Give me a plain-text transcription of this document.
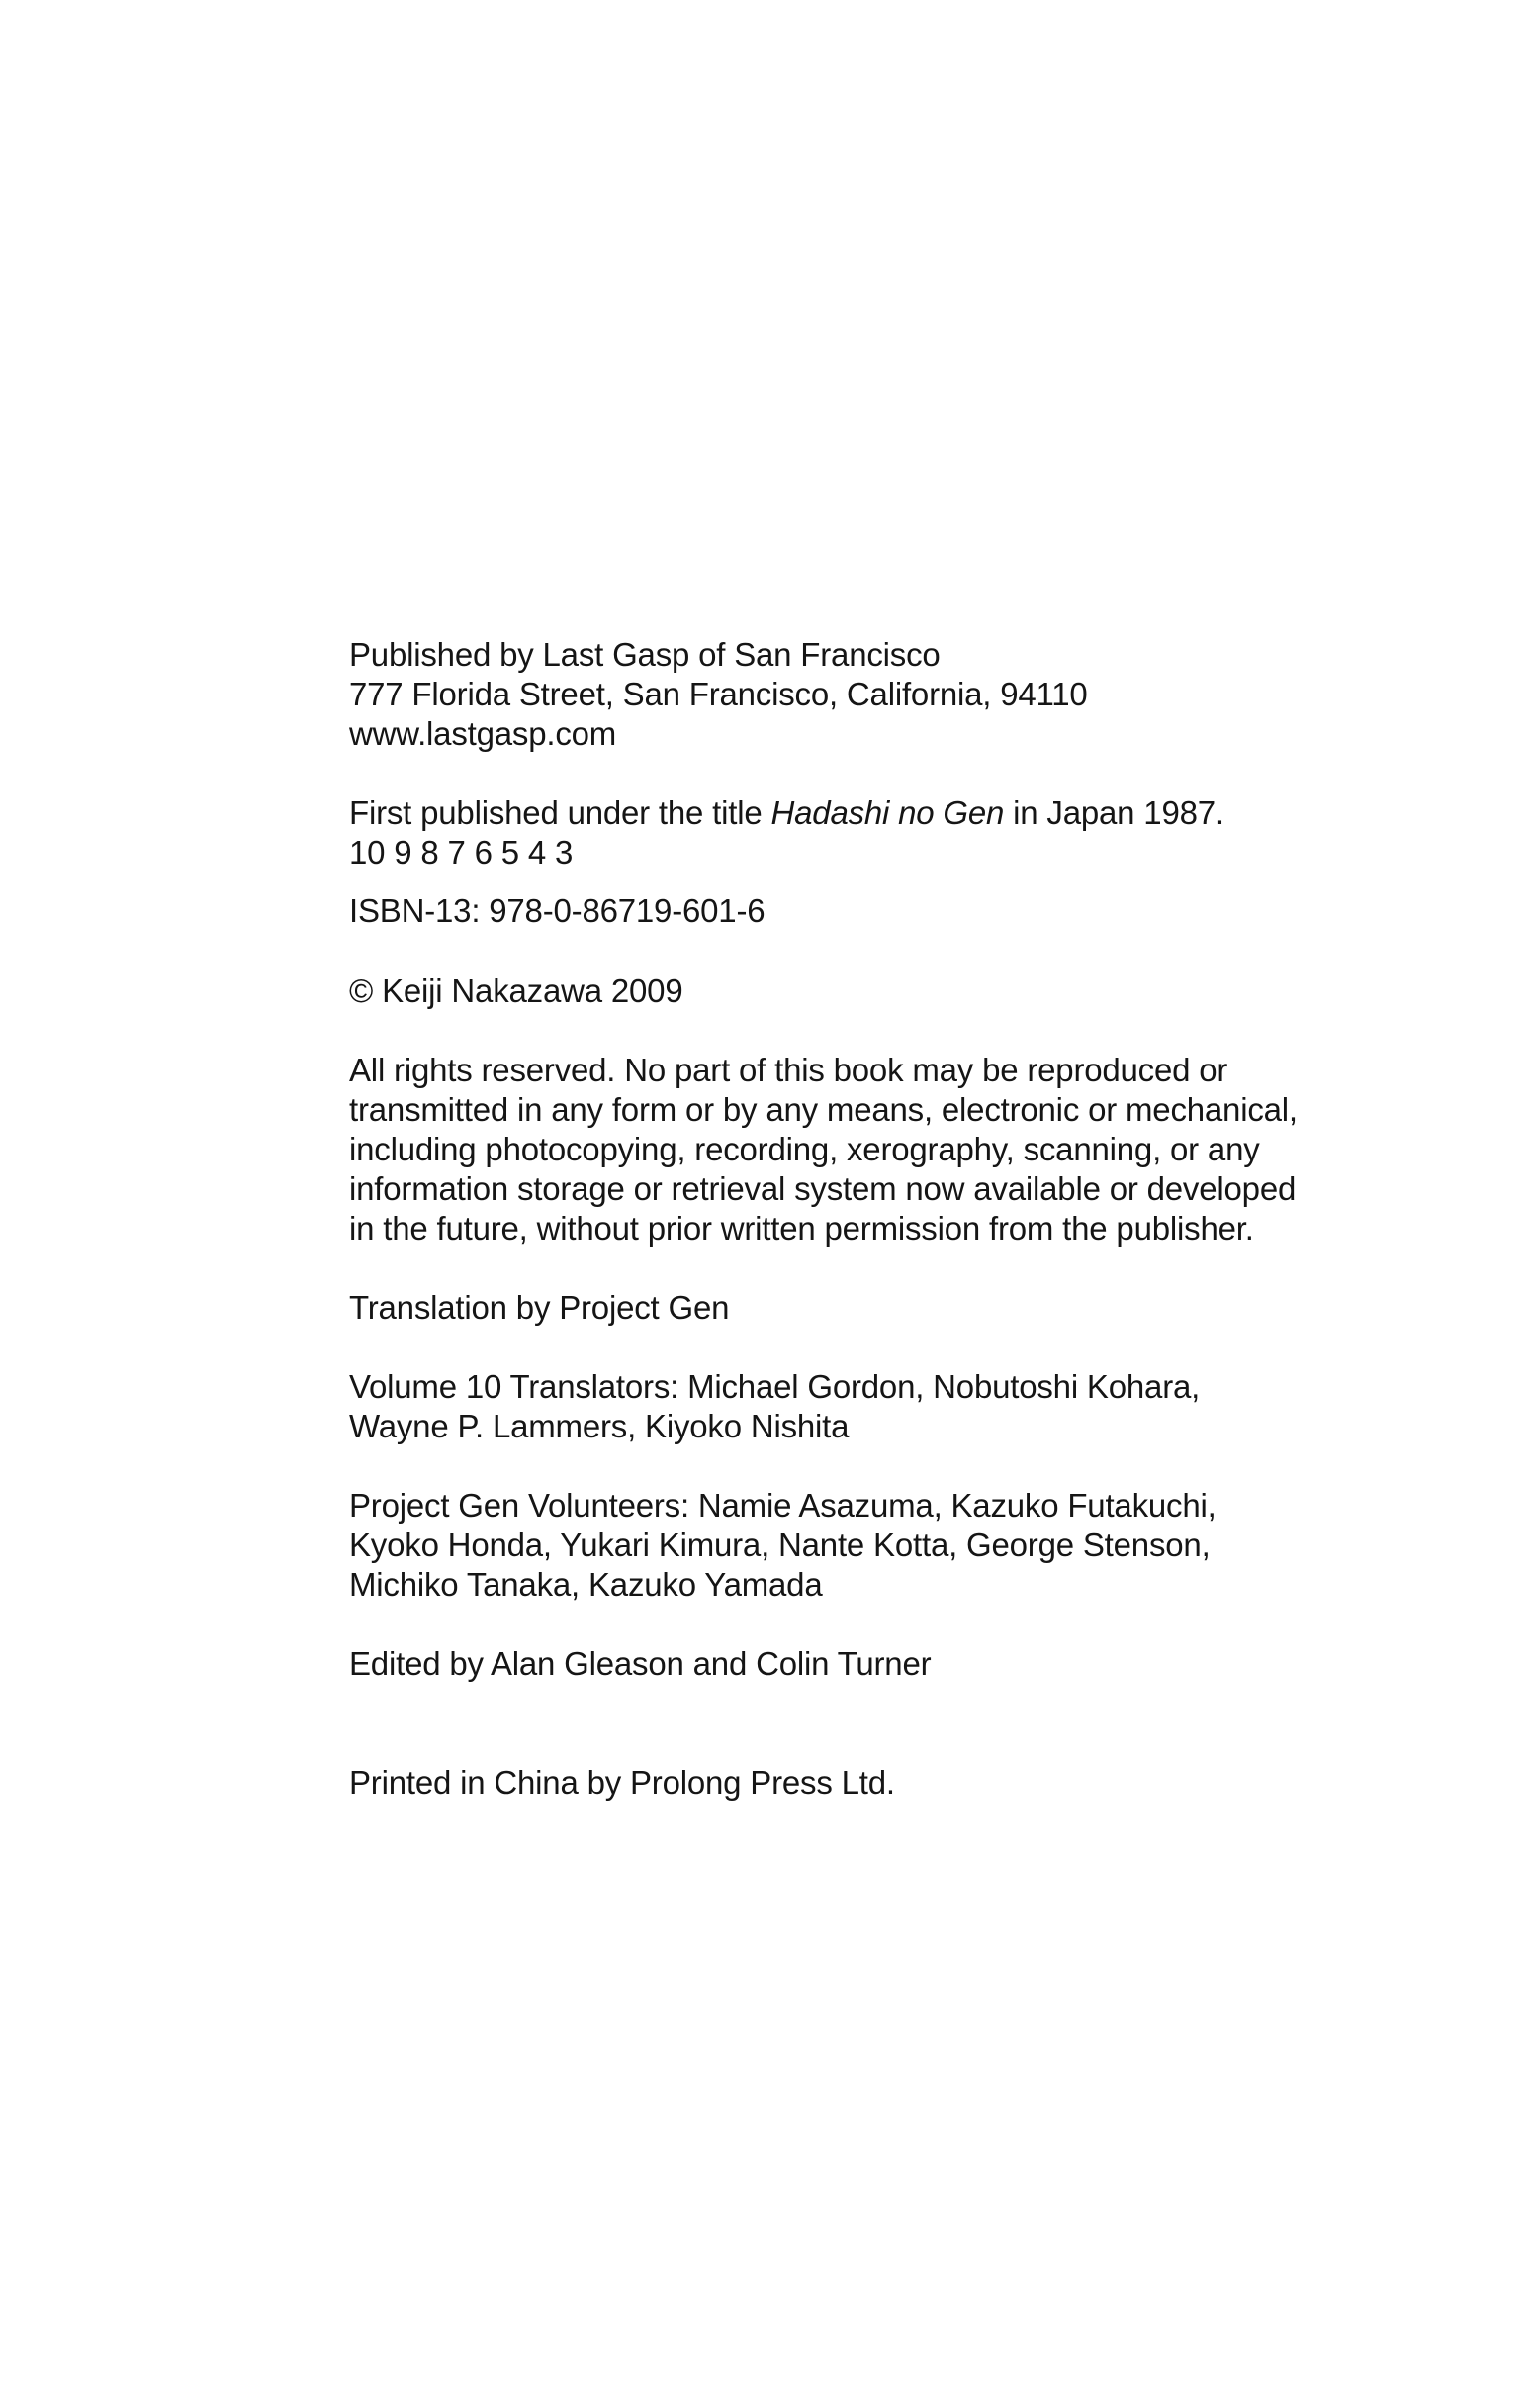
Published by Last Gasp of San Francisco
777 Florida Street, San Francisco, California, 94110
www.lastgasp.com
First published under the title Hadashi no Gen in Japan 1987.
10 9 8 7 6 5 4 3
ISBN-13: 978-0-86719-601-6
© Keiji Nakazawa 2009
All rights reserved. No part of this book may be reproduced or
transmitted in any form or by any means, electronic or mechanical,
including photocopying, recording, xerography, scanning, or any
information storage or retrieval system now available or developed
in the future, without prior written permission from the publisher.
Translation by Project Gen
Volume 10 Translators: Michael Gordon, Nobutoshi Kohara,
Wayne P. Lammers, Kiyoko Nishita
Project Gen Volunteers: Namie Asazuma, Kazuko Futakuchi,
Kyoko Honda, Yukari Kimura, Nante Kotta, George Stenson,
Michiko Tanaka, Kazuko Yamada
Edited by Alan Gleason and Colin Turner
Printed in China by Prolong Press Ltd.
